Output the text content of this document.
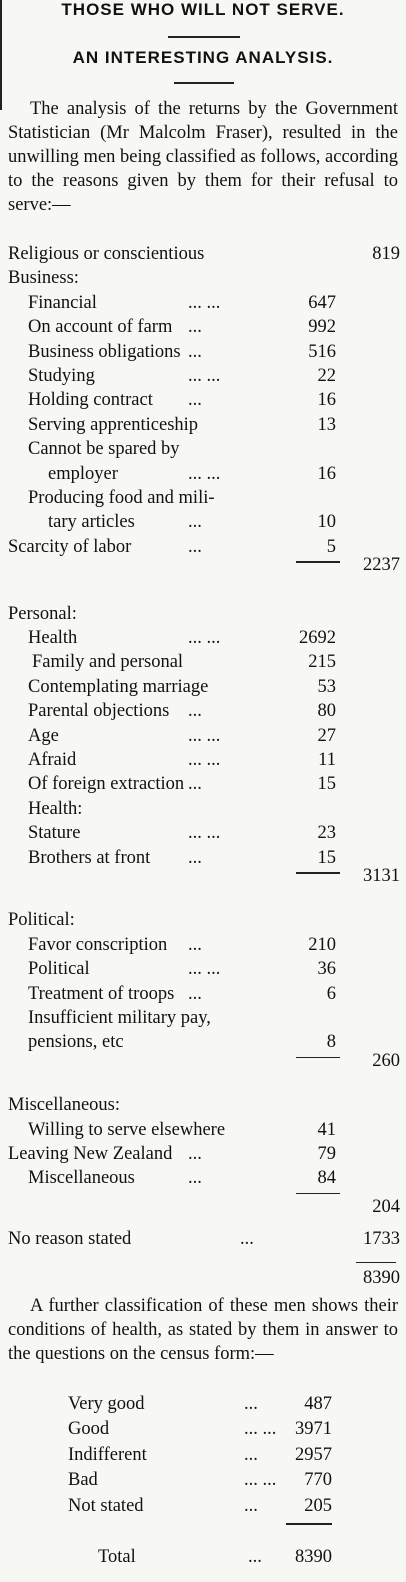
THOSE WHO WILL NOT SERVE.
AN INTERESTING ANALYSIS.
The analysis of the returns by the Government Statistician (Mr Malcolm Fraser), resulted in the unwilling men being classified as follows, according to the reasons given by them for their refusal to serve:—
A further classification of these men shows their conditions of health, as stated by them in answer to the questions on the census form:—
Religious or conscientious	819
Business:
Financial	... ...	647
On account of farm ...	992
Business obligations ...	516
Studying	... ...	22
Holding contract ...	16
Serving apprenticeship	13
Cannot be spared by
employer	... ...	16
Producing food and mili-
tary articles	...	10
Scarcity of labor	...	5
2237
Personal:
Health	... ...	2692
Family and personal	215
Contemplating marriage	53
Parental objections ...	80
Age	... ...	27
Afraid	... ...	11
Of foreign extraction ...	15
Health:
Stature	... ...	23
Brothers at front ...	15
3131
Political:
Favor conscription ...	210
Political	... ...	36
Treatment of troops ...	6
Insufficient military pay,
pensions, etc	8
260
Miscellaneous:
Willing to serve elsewhere	41
Leaving New Zealand ...	79
Miscellaneous	...	84
204
No reason stated	...	1733
8390
Very good	...	487
Good	... ...	3971
Indifferent	...	2957
Bad	... ...	770
Not stated	...	205
Total	...	8390
